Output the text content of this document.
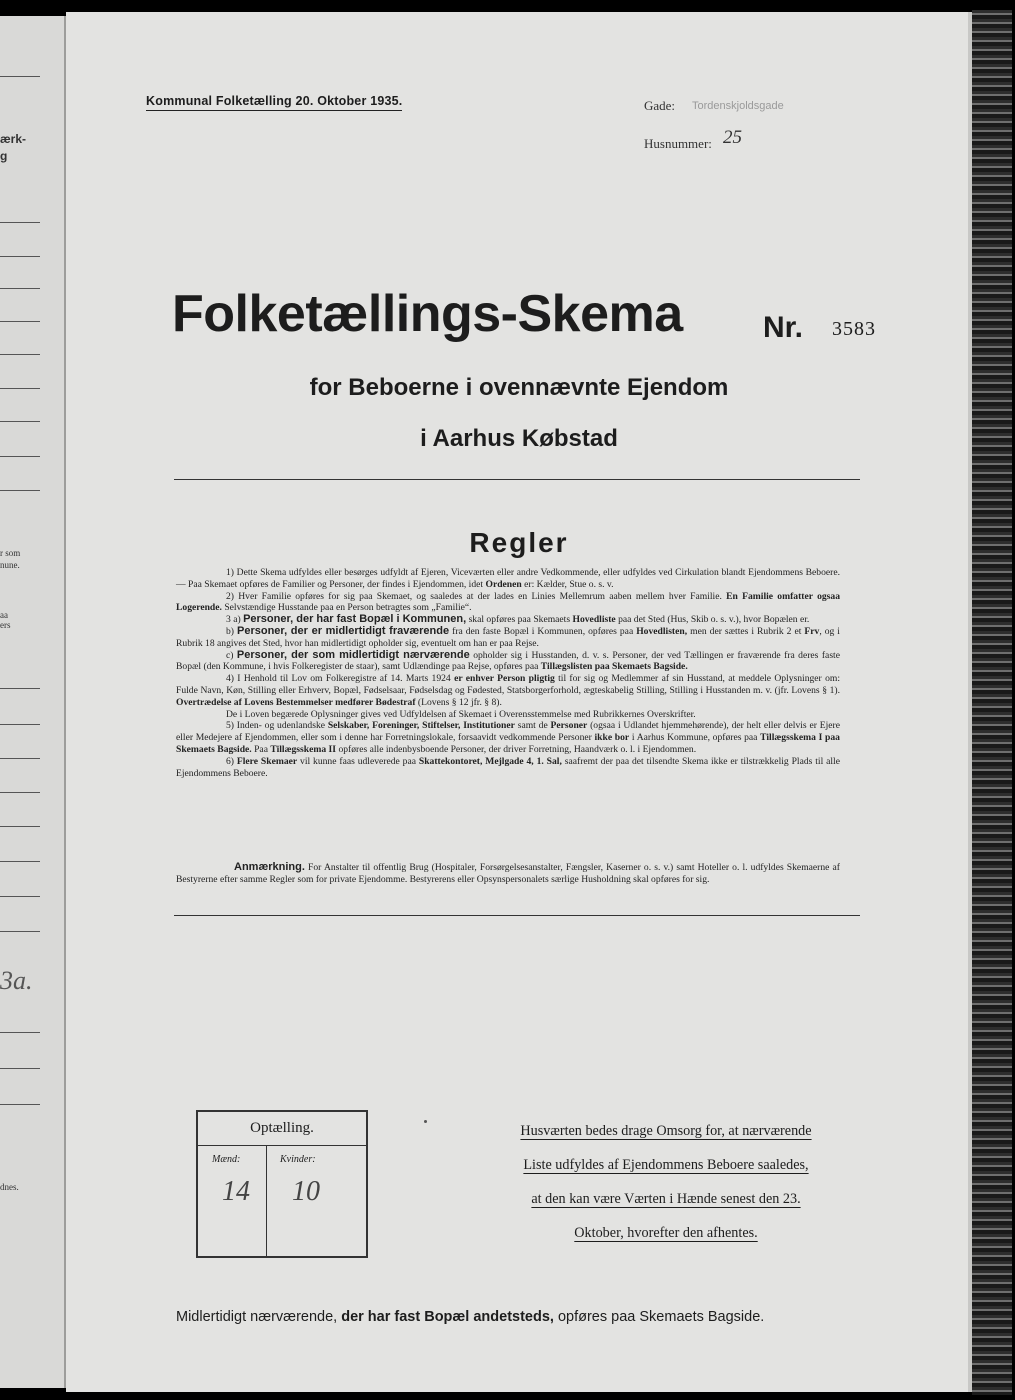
ærk-
g
r som
nune.
aa
ers
3a.
dnes.
Kommunal Folketælling 20. Oktober 1935.	Gade: Tordenskjoldsgade
Husnummer: 25
Folketællings-Skema	Nr. 3583
for Beboerne i ovennævnte Ejendom
i Aarhus Købstad
Regler

1) Dette Skema udfyldes eller besørges udfyldt af Ejeren, Viceværten eller andre Vedkommende, eller udfyldes ved Cirkulation blandt Ejendommens Beboere. — Paa Skemaet opføres de Familier og Personer, der findes i Ejendommen, idet Ordenen er: Kælder, Stue o. s. v.

2) Hver Familie opføres for sig paa Skemaet, og saaledes at der lades en Linies Mellemrum aaben mellem hver Familie. En Familie omfatter ogsaa Logerende. Selvstændige Husstande paa en Person betragtes som „Familie“.

3 a) Personer, der har fast Bopæl i Kommunen, skal opføres paa Skemaets Hovedliste paa det Sted (Hus, Skib o. s. v.), hvor Bopælen er.

b) Personer, der er midlertidigt fraværende fra den faste Bopæl i Kommunen, opføres paa Hovedlisten, men der sættes i Rubrik 2 et Frv, og i Rubrik 18 angives det Sted, hvor han midlertidigt opholder sig, eventuelt om han er paa Rejse.

c) Personer, der som midlertidigt nærværende opholder sig i Husstanden, d. v. s. Personer, der ved Tællingen er fraværende fra deres faste Bopæl (den Kommune, i hvis Folkeregister de staar), samt Udlændinge paa Rejse, opføres paa Tillægslisten paa Skemaets Bagside.

4) I Henhold til Lov om Folkeregistre af 14. Marts 1924 er enhver Person pligtig til for sig og Medlemmer af sin Husstand, at meddele Oplysninger om: Fulde Navn, Køn, Stilling eller Erhverv, Bopæl, Fødselsaar, Fødselsdag og Fødested, Statsborgerforhold, ægteskabelig Stilling, Stilling i Husstanden m. v. (jfr. Lovens § 1). Overtrædelse af Lovens Bestemmelser medfører Bødestraf (Lovens § 12 jfr. § 8).

De i Loven begærede Oplysninger gives ved Udfyldelsen af Skemaet i Overensstemmelse med Rubrikkernes Overskrifter.

5) Inden- og udenlandske Selskaber, Foreninger, Stiftelser, Institutioner samt de Personer (ogsaa i Udlandet hjemmehørende), der helt eller delvis er Ejere eller Medejere af Ejendommen, eller som i denne har Forretningslokale, forsaavidt vedkommende Personer ikke bor i Aarhus Kommune, opføres paa Tillægsskema I paa Skemaets Bagside. Paa Tillægsskema II opføres alle indenbysboende Personer, der driver Forretning, Haandværk o. l. i Ejendommen.

6) Flere Skemaer vil kunne faas udleverede paa Skattekontoret, Mejlgade 4, 1. Sal, saafremt der paa det tilsendte Skema ikke er tilstrækkelig Plads til alle Ejendommens Beboere.

Anmærkning. For Anstalter til offentlig Brug (Hospitaler, Forsørgelsesanstalter, Fængsler, Kaserner o. s. v.) samt Hoteller o. l. udfyldes Skemaerne af Bestyrerne efter samme Regler som for private Ejendomme. Bestyrerens eller Opsynspersonalets særlige Husholdning skal opføres for sig.

Optælling.
Mænd:	Kvinder:
14 10
Husværten bedes drage Omsorg for, at nærværende
Liste udfyldes af Ejendommens Beboere saaledes,
at den kan være Værten i Hænde senest den 23.
Oktober, hvorefter den afhentes.
Midlertidigt nærværende, der har fast Bopæl andetsteds, opføres paa Skemaets Bagside.
